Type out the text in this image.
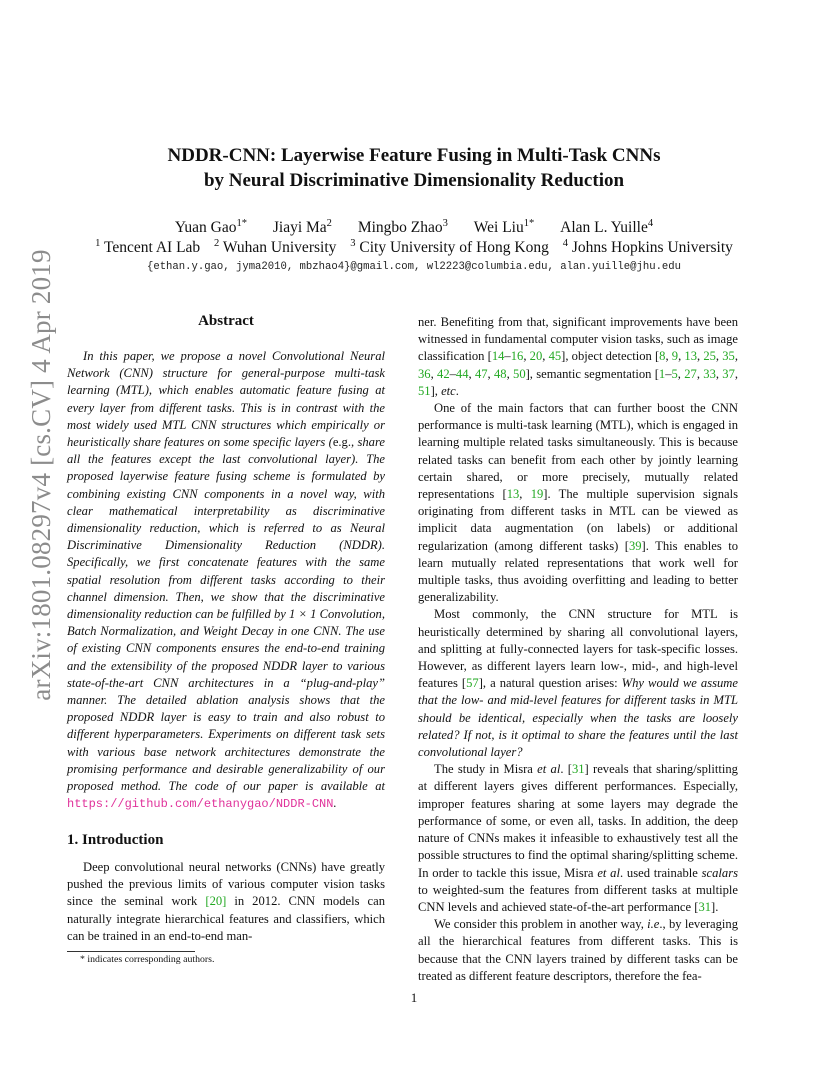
arXiv:1801.08297v4 [cs.CV] 4 Apr 2019
NDDR-CNN: Layerwise Feature Fusing in Multi-Task CNNs
by Neural Discriminative Dimensionality Reduction
Yuan Gao$^{1*}$ Jiayi Ma$^2$ Mingbo Zhao$^3$ Wei Liu$^{1*}$ Alan L. Yuille$^4$
$^1$ Tencent AI Lab $^2$ Wuhan University $^3$ City University of Hong Kong $^4$ Johns Hopkins University
{ethan.y.gao, jyma2010, mbzhao4}@gmail.com, wl2223@columbia.edu, alan.yuille@jhu.edu
Abstract

In this paper, we propose a novel Convolutional Neural Network (CNN) structure for general-purpose multi-task learning (MTL), which enables automatic feature fusing at every layer from different tasks. This is in contrast with the most widely used MTL CNN structures which empirically or heuristically share features on some specific layers (e.g., share all the features except the last convolutional layer). The proposed layerwise feature fusing scheme is formulated by combining existing CNN components in a novel way, with clear mathematical interpretability as discriminative dimensionality reduction, which is referred to as Neural Discriminative Dimensionality Reduction (NDDR). Specifically, we first concatenate features with the same spatial resolution from different tasks according to their channel dimension. Then, we show that the discriminative dimensionality reduction can be fulfilled by 1 × 1 Convolution, Batch Normalization, and Weight Decay in one CNN. The use of existing CNN components ensures the end-to-end training and the extensibility of the proposed NDDR layer to various state-of-the-art CNN architectures in a “plug-and-play” manner. The detailed ablation analysis shows that the proposed NDDR layer is easy to train and also robust to different hyperparameters. Experiments on different task sets with various base network architectures demonstrate the promising performance and desirable generalizability of our proposed method. The code of our paper is available at https://github.com/ethanygao/NDDR-CNN.

1. Introduction

Deep convolutional neural networks (CNNs) have greatly pushed the previous limits of various computer vision tasks since the seminal work [20] in 2012. CNN models can naturally integrate hierarchical features and classifiers, which can be trained in an end-to-end man-

* indicates corresponding authors.

ner. Benefiting from that, significant improvements have been witnessed in fundamental computer vision tasks, such as image classification [14–16, 20, 45], object detection [8, 9, 13, 25, 35, 36, 42–44, 47, 48, 50], semantic segmentation [1–5, 27, 33, 37, 51], etc.

One of the main factors that can further boost the CNN performance is multi-task learning (MTL), which is engaged in learning multiple related tasks simultaneously. This is because related tasks can benefit from each other by jointly learning certain shared, or more precisely, mutually related representations [13, 19]. The multiple supervision signals originating from different tasks in MTL can be viewed as implicit data augmentation (on labels) or additional regularization (among different tasks) [39]. This enables to learn mutually related representations that work well for multiple tasks, thus avoiding overfitting and leading to better generalizability.

Most commonly, the CNN structure for MTL is heuristically determined by sharing all convolutional layers, and splitting at fully-connected layers for task-specific losses. However, as different layers learn low-, mid-, and high-level features [57], a natural question arises: Why would we assume that the low- and mid-level features for different tasks in MTL should be identical, especially when the tasks are loosely related? If not, is it optimal to share the features until the last convolutional layer?

The study in Misra et al. [31] reveals that sharing/splitting at different layers gives different performances. Especially, improper features sharing at some layers may degrade the performance of some, or even all, tasks. In addition, the deep nature of CNNs makes it infeasible to exhaustively test all the possible structures to find the optimal sharing/splitting scheme. In order to tackle this issue, Misra et al. used trainable scalars to weighted-sum the features from different tasks at multiple CNN levels and achieved state-of-the-art performance [31].

We consider this problem in another way, i.e., by leveraging all the hierarchical features from different tasks. This is because that the CNN layers trained by different tasks can be treated as different feature descriptors, therefore the fea-

1
